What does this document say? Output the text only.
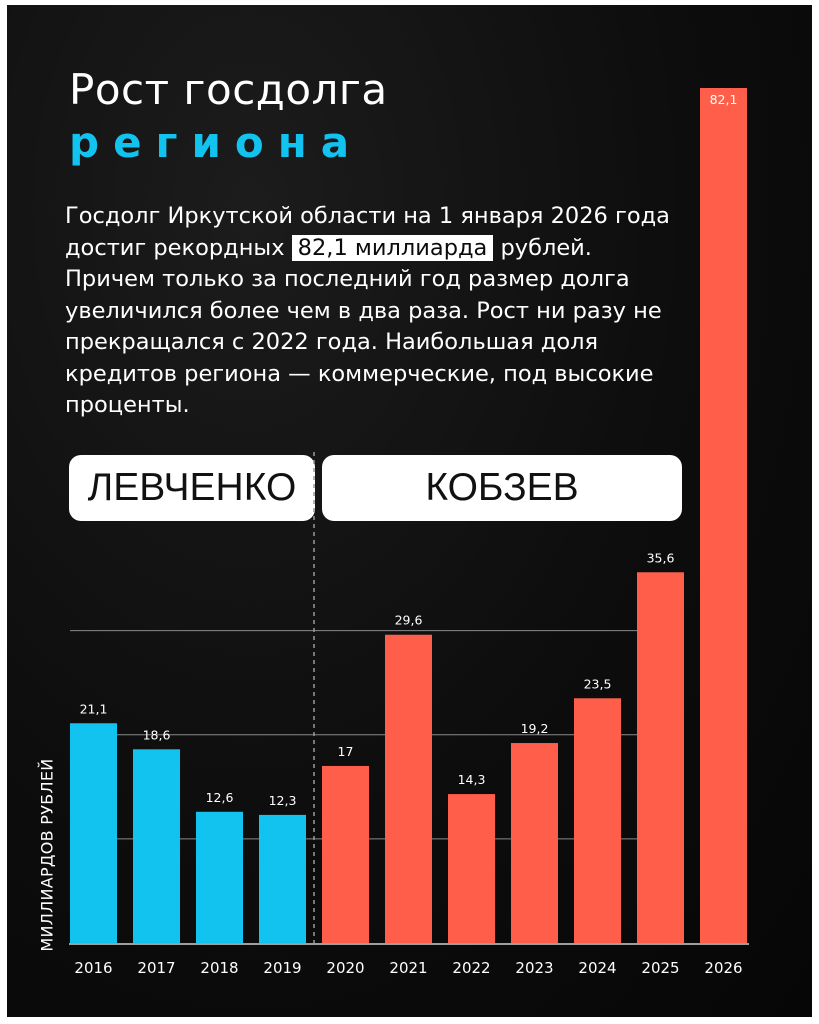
Рост госдолга
региона

Госдолг Иркутской области на 1 января 2026 года достиг рекордных 82,1 миллиарда рублей. Причем только за последний год размер долга увеличился более чем в два раза. Рост ни разу не прекращался с 2022 года. Наибольшая доля кредитов региона — коммерческие, под высокие проценты.

ЛЕВЧЕНКО	КОБЗЕВ
21,1
2016
18,6
2017
12,6
2018
12,3
2019
17
2020
29,6
2021
14,3
2022
19,2
2023
23,5
2024
35,6
2025
82,1
2026
МИЛЛИАРДОВ РУБЛЕЙ
